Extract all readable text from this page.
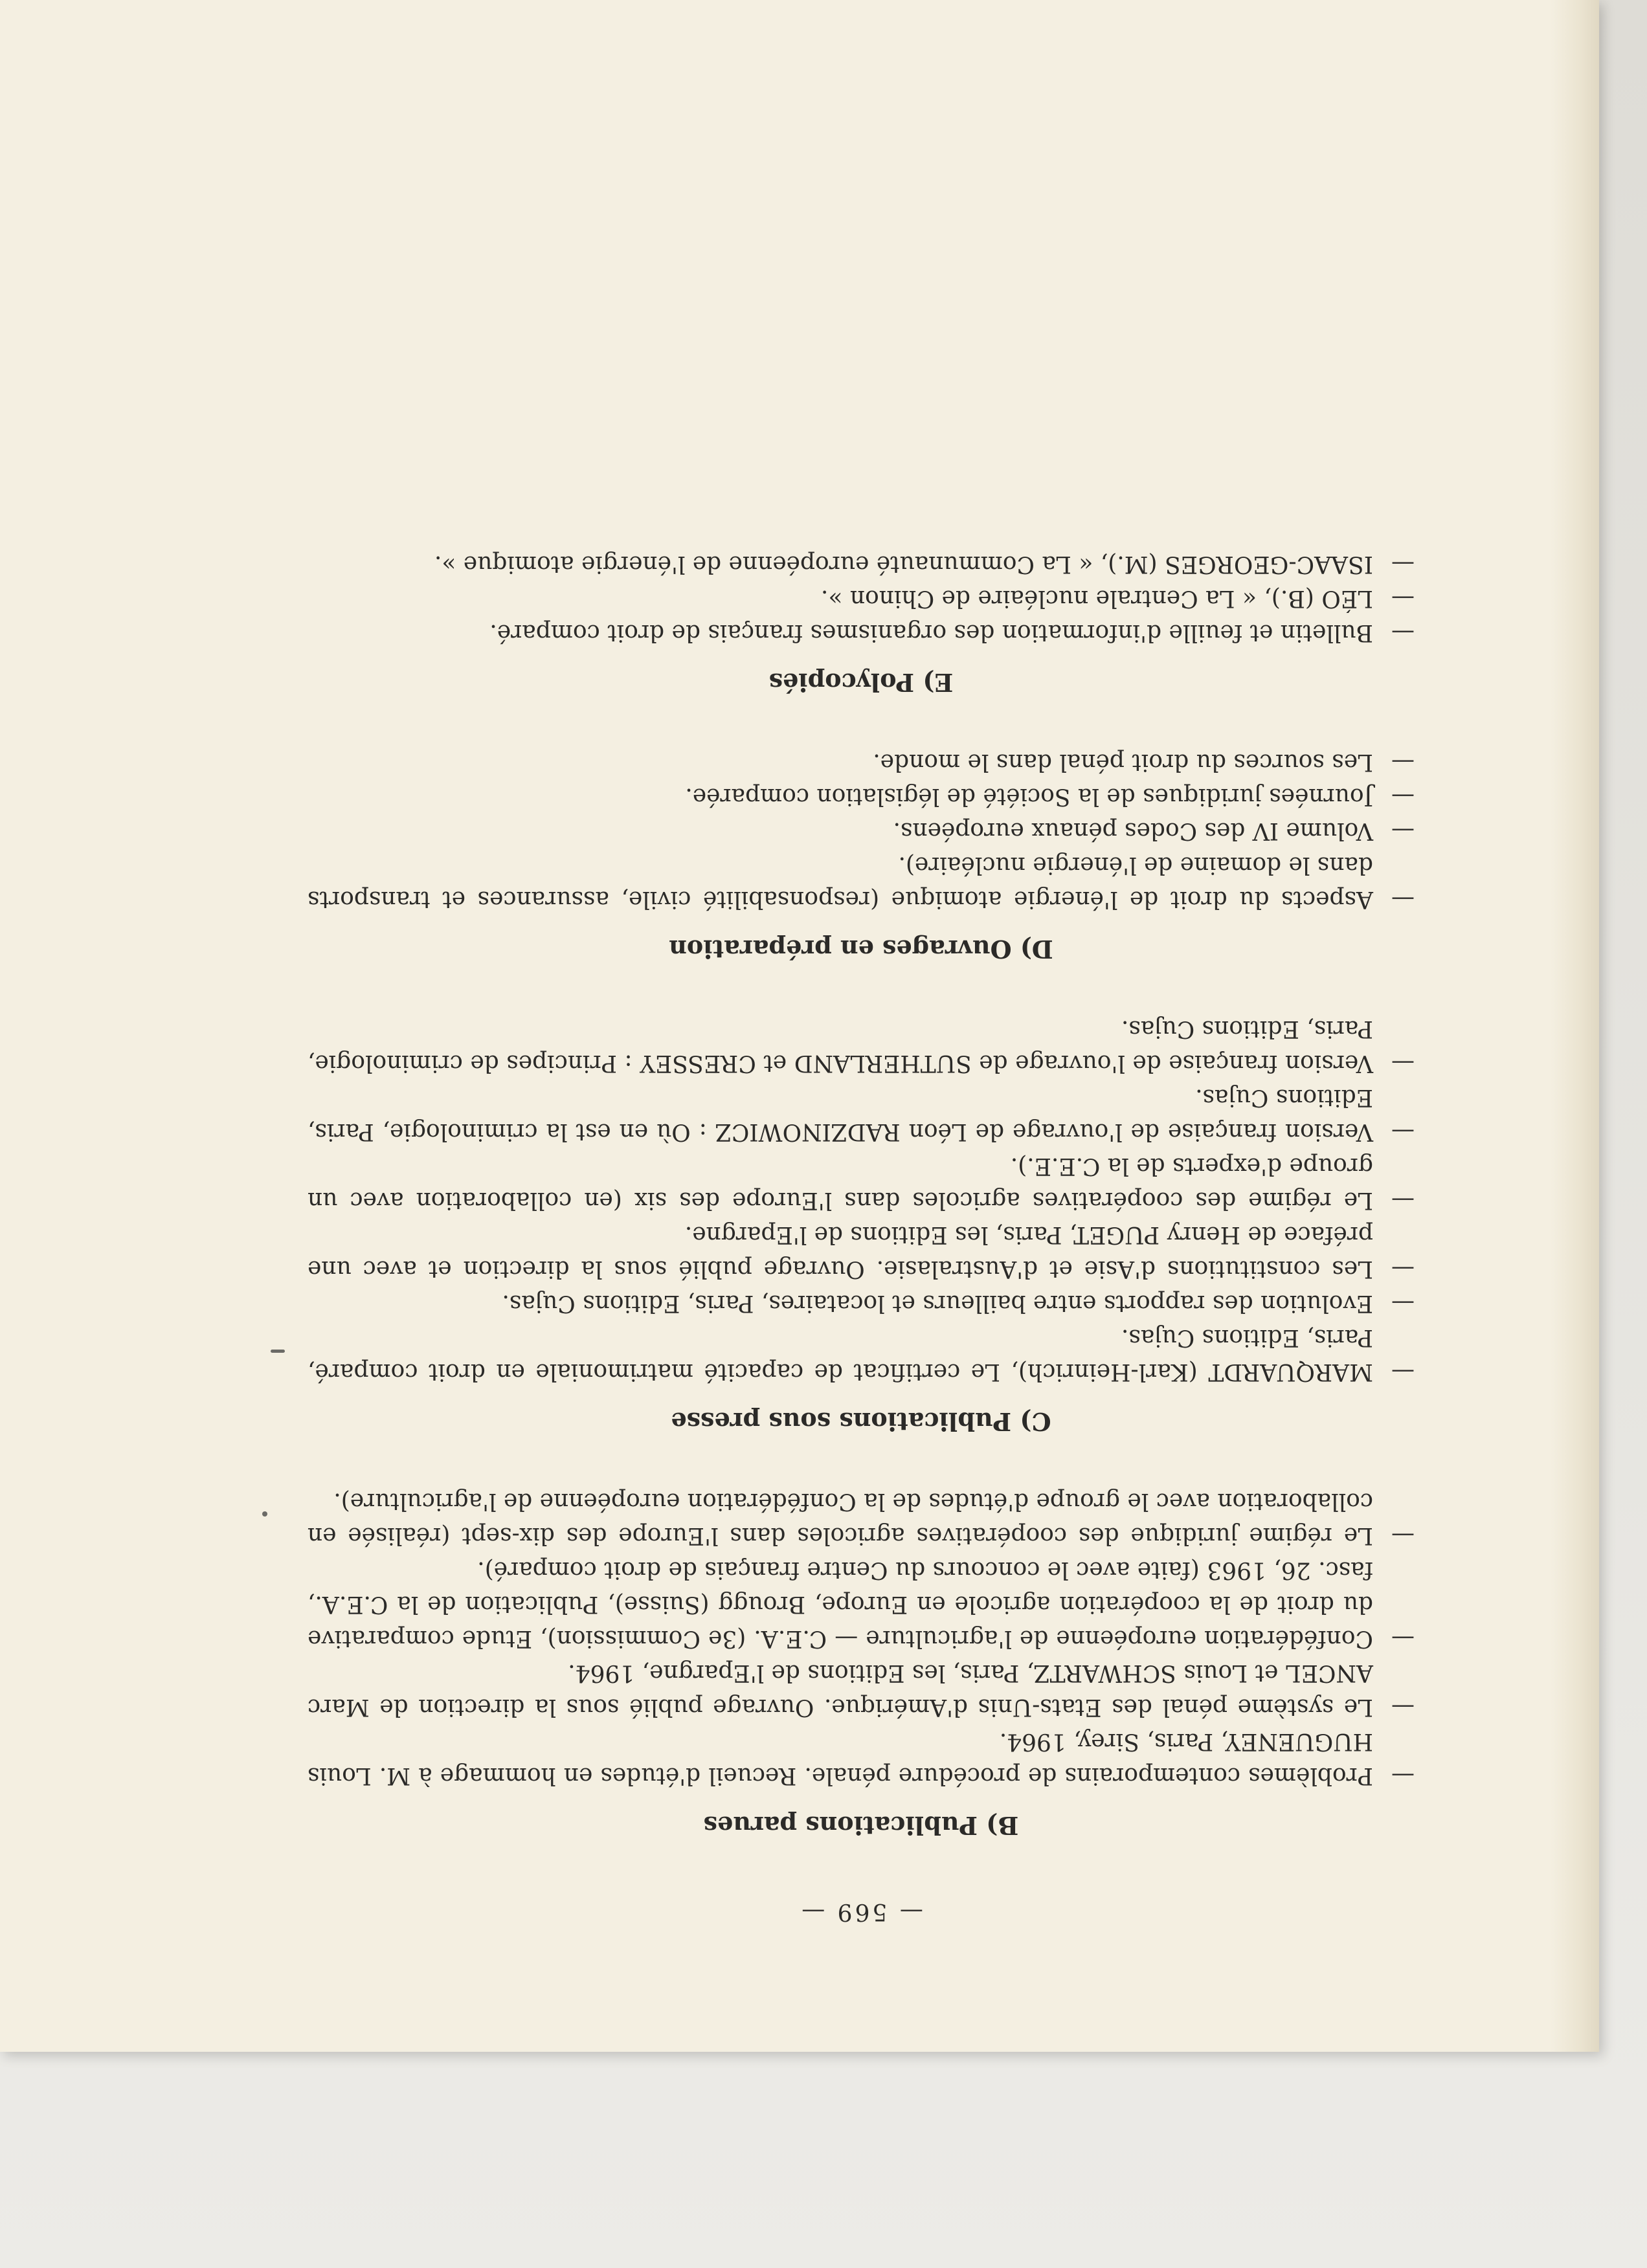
— 569 —
B) Publications parues
— Problèmes contemporains de procédure pénale. Recueil d'études en hommage à M. Louis HUGUENEY, Paris, Sirey, 1964.
— Le système pénal des Etats-Unis d'Amérique. Ouvrage publié sous la direction de Marc ANCEL et Louis SCHWARTZ, Paris, les Editions de l'Epargne, 1964.
— Confédération européenne de l'agriculture — C.E.A. (3e Commission), Etude comparative du droit de la coopération agricole en Europe, Brougg (Suisse), Publication de la C.E.A., fasc. 26, 1963 (faite avec le concours du Centre français de droit comparé).
— Le régime juridique des coopératives agricoles dans l'Europe des dix-sept (réalisée en collaboration avec le groupe d'études de la Confédération européenne de l'agriculture).
C) Publications sous presse
— MARQUARDT (Karl-Heinrich), Le certificat de capacité matrimoniale en droit comparé, Paris, Editions Cujas.
— Evolution des rapports entre bailleurs et locataires, Paris, Editions Cujas.
— Les constitutions d'Asie et d'Australasie. Ouvrage publié sous la direction et avec une préface de Henry PUGET, Paris, les Editions de l'Epargne.
— Le régime des coopératives agricoles dans l'Europe des six (en collaboration avec un groupe d'experts de la C.E.E.).
— Version française de l'ouvrage de Léon RADZINOWICZ : Où en est la criminologie, Paris, Editions Cujas.
— Version française de l'ouvrage de SUTHERLAND et CRESSEY : Principes de criminologie, Paris, Editions Cujas.
D) Ouvrages en préparation
— Aspects du droit de l'énergie atomique (responsabilité civile, assurances et transports dans le domaine de l'énergie nucléaire).
— Volume IV des Codes pénaux européens.
— Journées juridiques de la Société de législation comparée.
— Les sources du droit pénal dans le monde.
E) Polycopiés
— Bulletin et feuille d'information des organismes français de droit comparé.
— LÉO (B.), « La Centrale nucléaire de Chinon ».
— ISAAC-GEORGES (M.), « La Communauté européenne de l'énergie atomique ».
